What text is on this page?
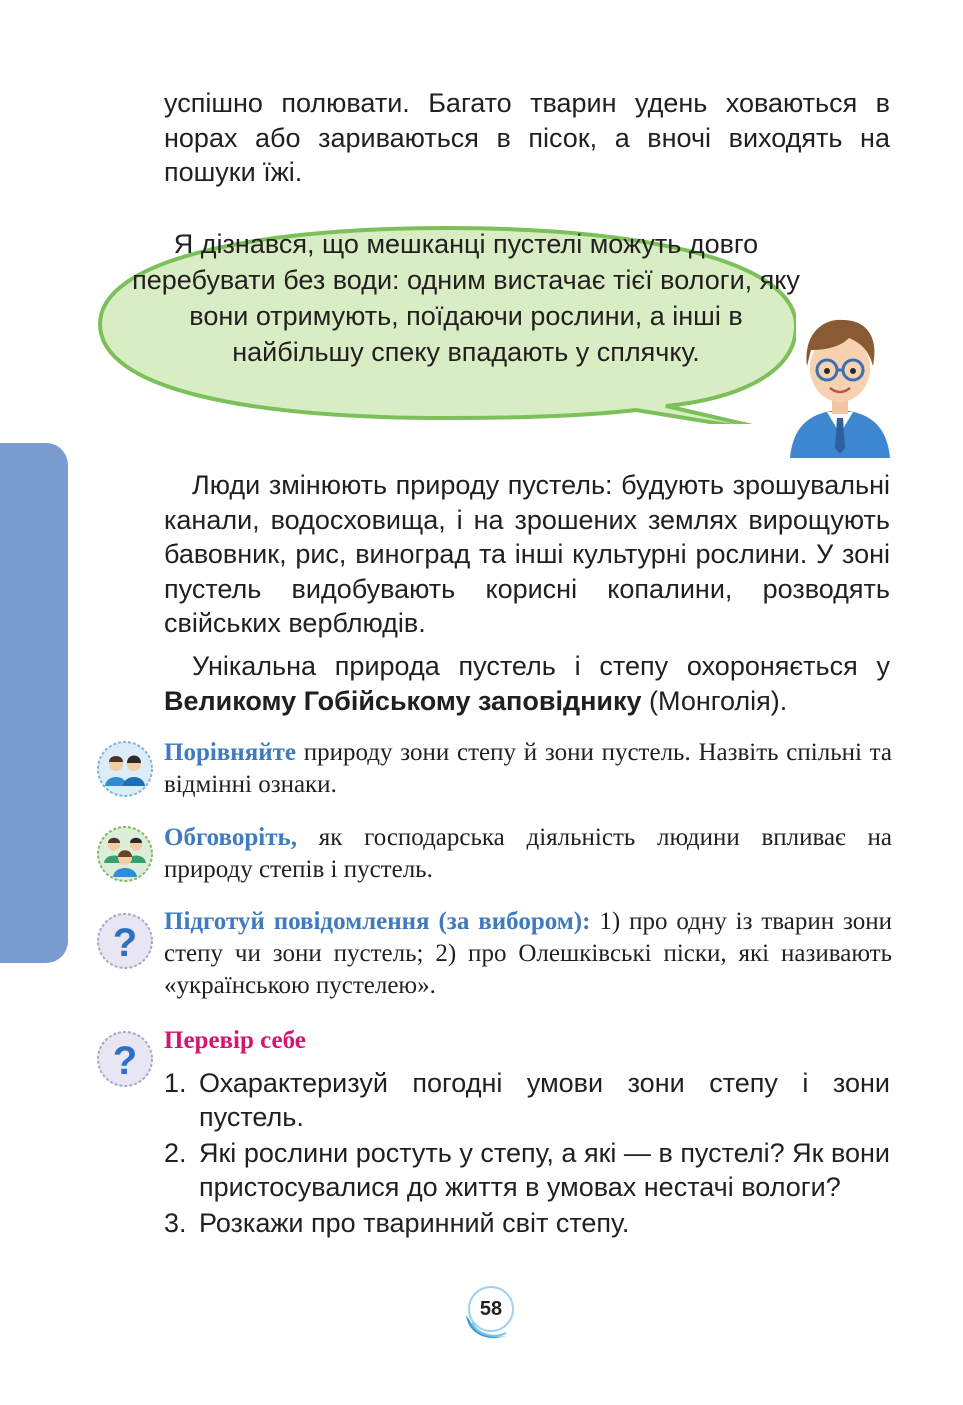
успішно полювати. Багато тварин удень ховаються в норах або зариваються в пісок, а вночі виходять на пошуки їжі.

Я дізнався, що мешканці пустелі можуть довго перебувати без води: одним вистачає тієї вологи, яку вони отримують, поїдаючи рослини, а інші в найбільшу спеку впадають у сплячку.

Люди змінюють природу пустель: будують зрошувальні канали, водосховища, і на зрошених землях вирощують бавовник, рис, виноград та інші культурні рослини. У зоні пустель видобувають корисні копалини, розводять свійських верблюдів.

Унікальна природа пустель і степу охороняється у Великому Гобійському заповіднику (Монголія).

Порівняйте природу зони степу й зони пустель. Назвіть спільні та відмінні ознаки.
Обговоріть, як господарська діяльність людини впливає на природу степів і пустель.
? Підготуй повідомлення (за вибором): 1) про одну із тварин зони степу чи зони пустель; 2) про Олешківські піски, які називають «українською пустелею».
? Перевір себе
1. Охарактеризуй погодні умови зони степу і зони пустель.
2. Які рослини ростуть у степу, а які — в пустелі? Як вони пристосувалися до життя в умовах нестачі вологи?
3. Розкажи про тваринний світ степу.
58
